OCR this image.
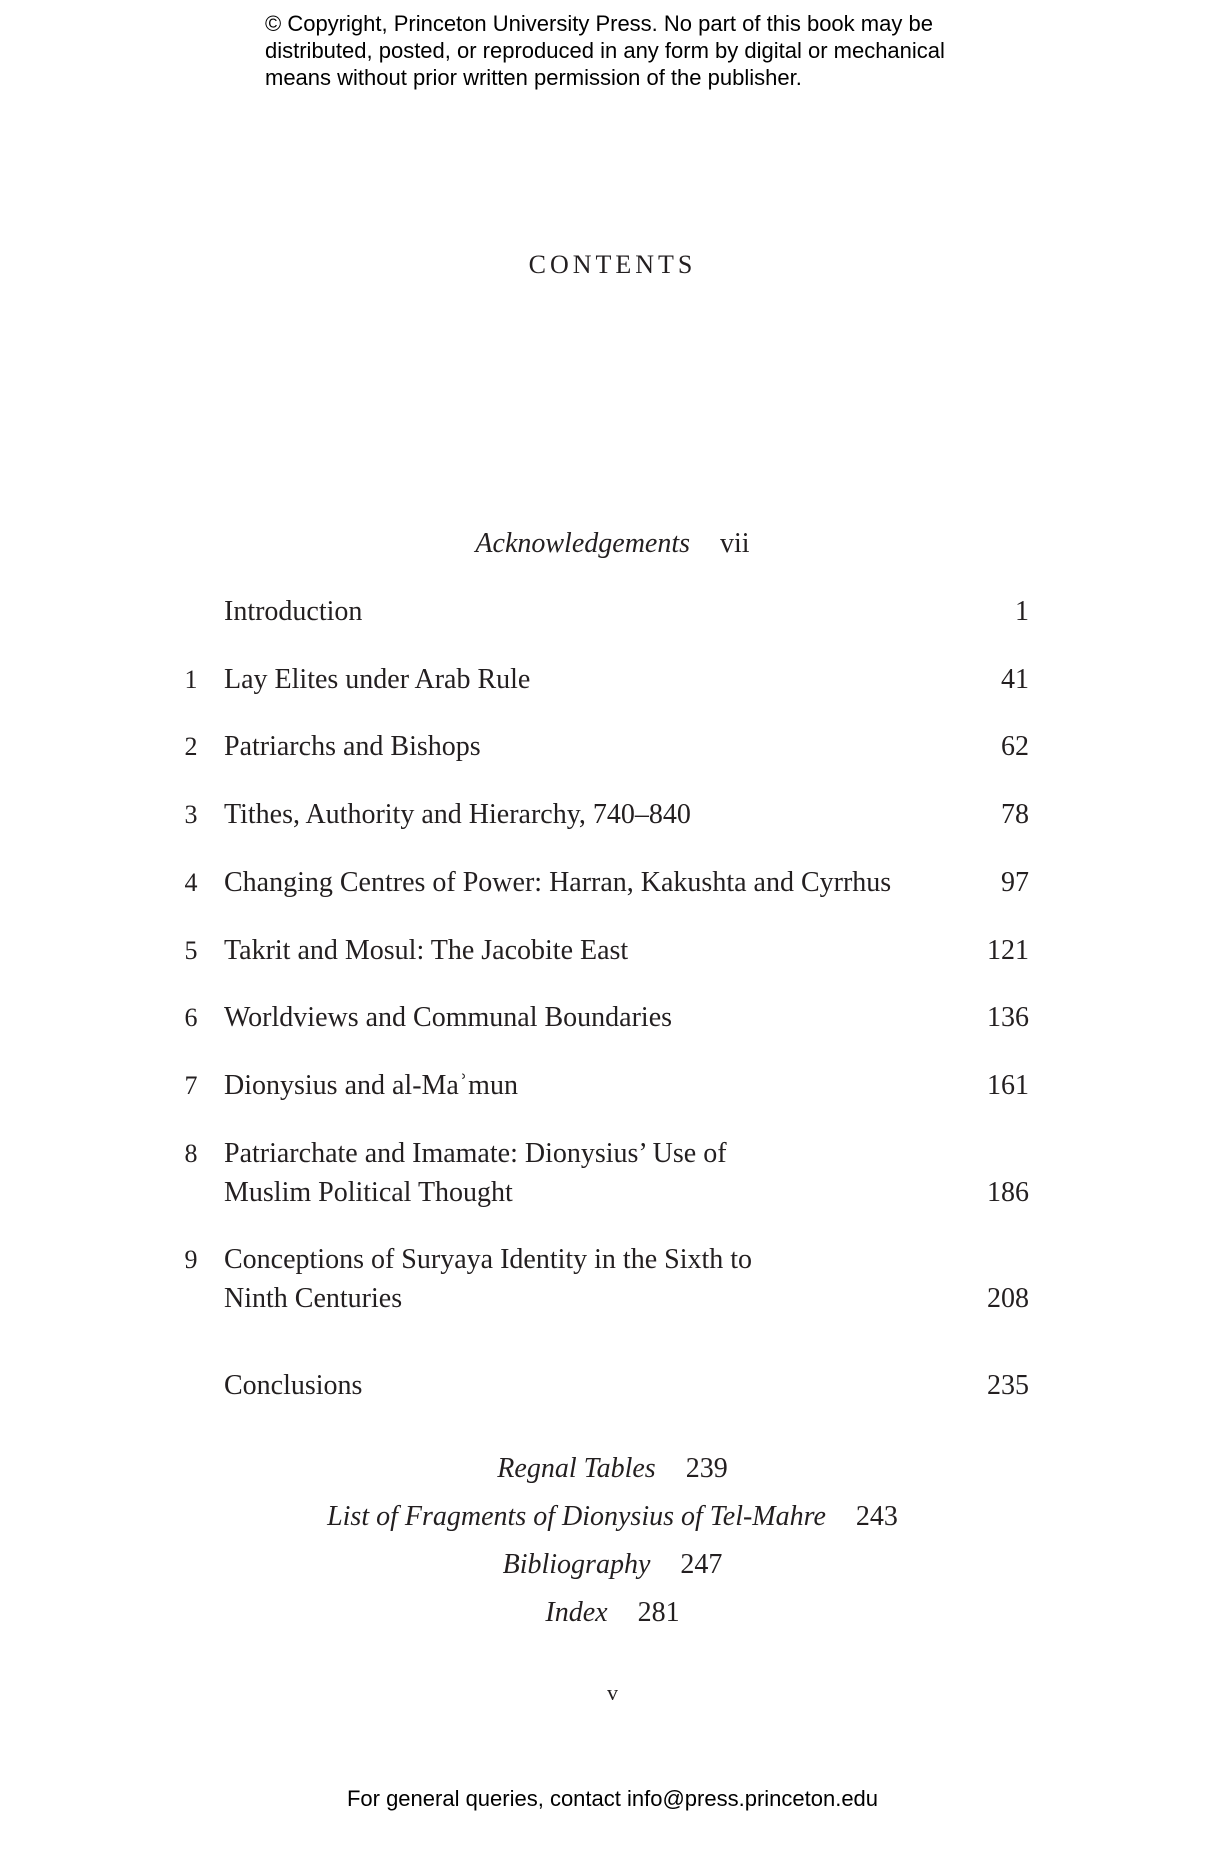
© Copyright, Princeton University Press. No part of this book may be
distributed, posted, or reproduced in any form by digital or mechanical
means without prior written permission of the publisher.
CONTENTS
Acknowledgements vii
Introduction	1
1 Lay Elites under Arab Rule	41
2 Patriarchs and Bishops	62
3 Tithes, Authority and Hierarchy, 740–840	78
4 Changing Centres of Power: Harran, Kakushta and Cyrrhus	97
5 Takrit and Mosul: The Jacobite East	121
6 Worldviews and Communal Boundaries	136
7 Dionysius and al-Maʾmun	161
8 Patriarchate and Imamate: Dionysius’ Use of
Muslim Political Thought	186
9 Conceptions of Suryaya Identity in the Sixth to
Ninth Centuries	208
Conclusions	235
Regnal Tables 239
List of Fragments of Dionysius of Tel-Mahre 243
Bibliography 247
Index 281
v
For general queries, contact info@press.princeton.edu
